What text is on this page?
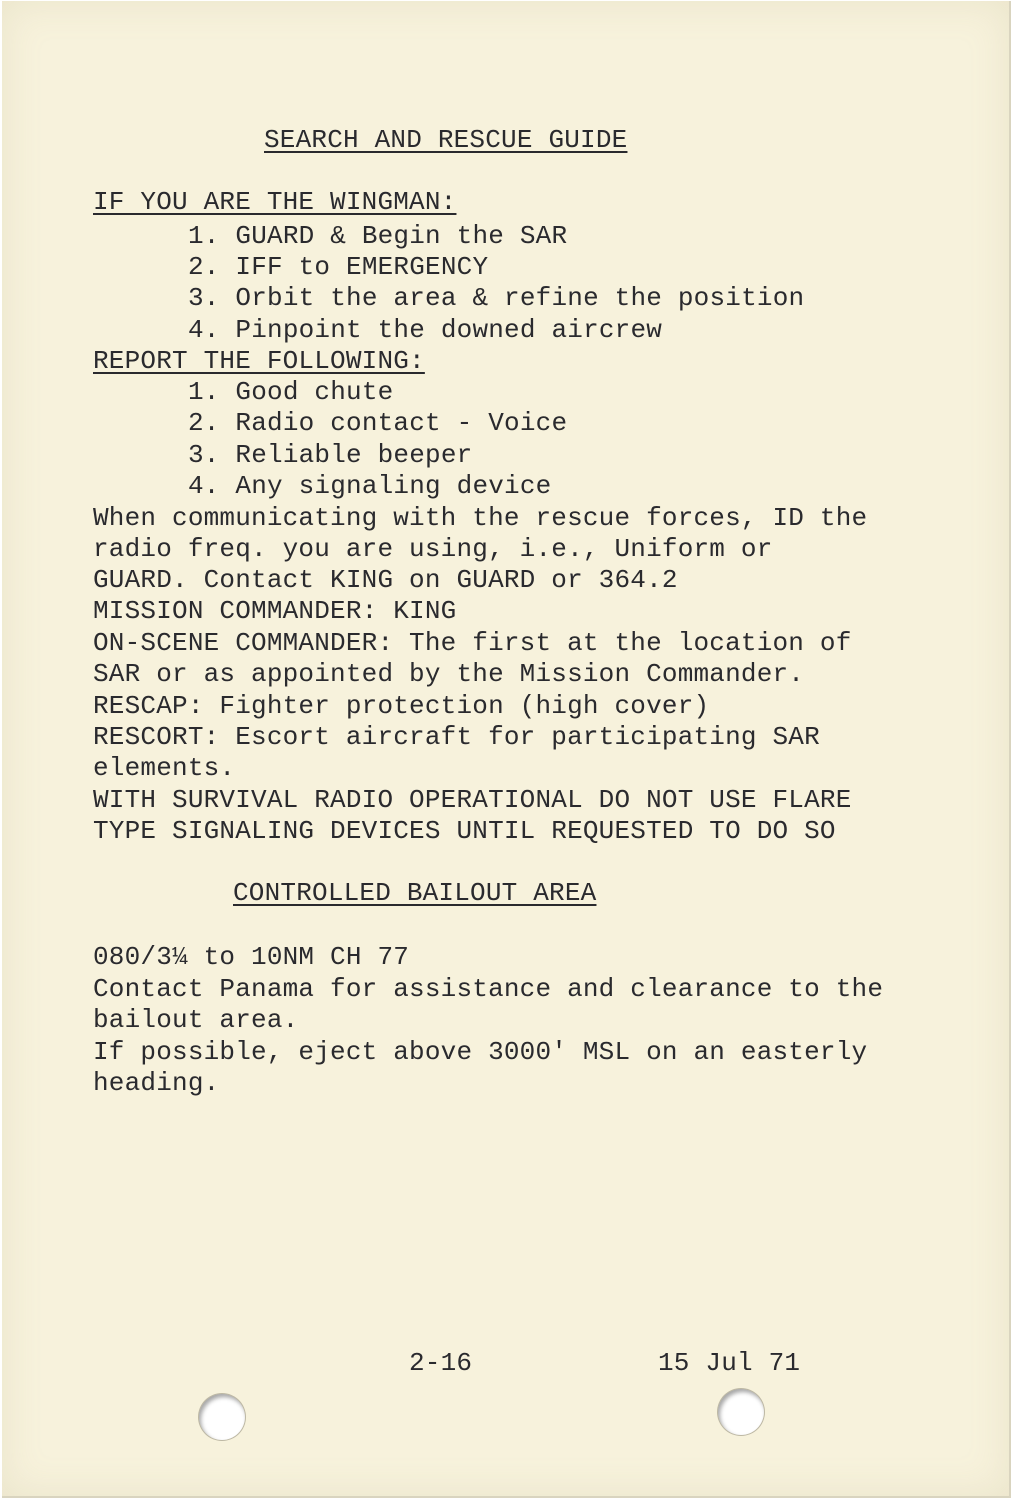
SEARCH AND RESCUE GUIDE
IF YOU ARE THE WINGMAN:
1. GUARD & Begin the SAR
2. IFF to EMERGENCY
3. Orbit the area & refine the position
4. Pinpoint the downed aircrew
REPORT THE FOLLOWING:
1. Good chute
2. Radio contact - Voice
3. Reliable beeper
4. Any signaling device
When communicating with the rescue forces, ID the
radio freq. you are using, i.e., Uniform or
GUARD. Contact KING on GUARD or 364.2
MISSION COMMANDER: KING
ON-SCENE COMMANDER: The first at the location of
SAR or as appointed by the Mission Commander.
RESCAP: Fighter protection (high cover)
RESCORT: Escort aircraft for participating SAR
elements.
WITH SURVIVAL RADIO OPERATIONAL DO NOT USE FLARE
TYPE SIGNALING DEVICES UNTIL REQUESTED TO DO SO
CONTROLLED BAILOUT AREA
080/3¼ to 10NM CH 77
Contact Panama for assistance and clearance to the
bailout area.
If possible, eject above 3000' MSL on an easterly
heading.
2-16	15 Jul 71
